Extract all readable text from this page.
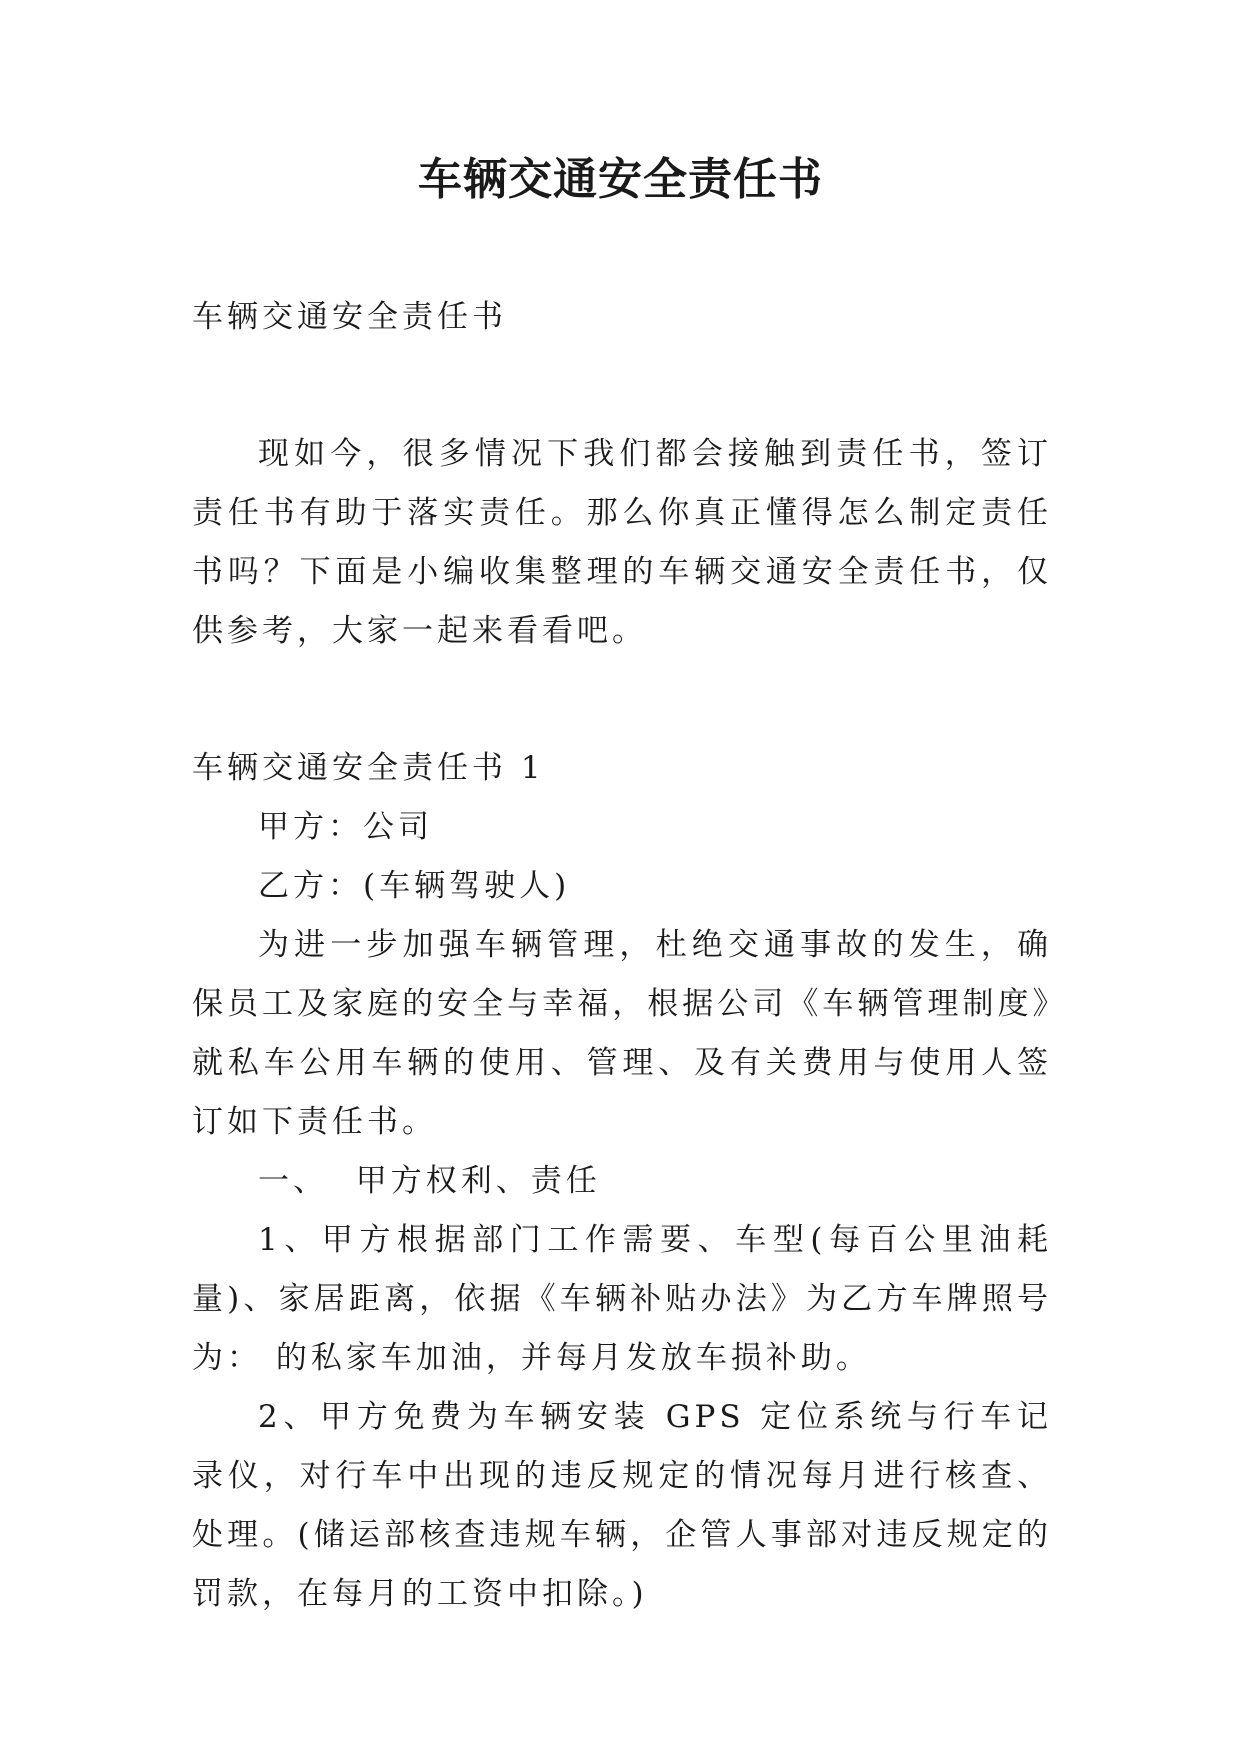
车辆交通安全责任书

车辆交通安全责任书

现如今，很多情况下我们都会接触到责任书，签订责任书有助于落实责任。那么你真正懂得怎么制定责任书吗？下面是小编收集整理的车辆交通安全责任书，仅供参考，大家一起来看看吧。

车辆交通安全责任书 1

甲方：公司

乙方：(车辆驾驶人)

为进一步加强车辆管理，杜绝交通事故的发生，确保员工及家庭的安全与幸福，根据公司《车辆管理制度》就私车公用车辆的使用、管理、及有关费用与使用人签订如下责任书。

一、  甲方权利、责任

1、甲方根据部门工作需要、车型(每百公里油耗量)、家居距离，依据《车辆补贴办法》为乙方车牌照号为： 的私家车加油，并每月发放车损补助。

2、甲方免费为车辆安装 GPS 定位系统与行车记录仪，对行车中出现的违反规定的情况每月进行核查、处理。(储运部核查违规车辆，企管人事部对违反规定的罚款，在每月的工资中扣除。)
